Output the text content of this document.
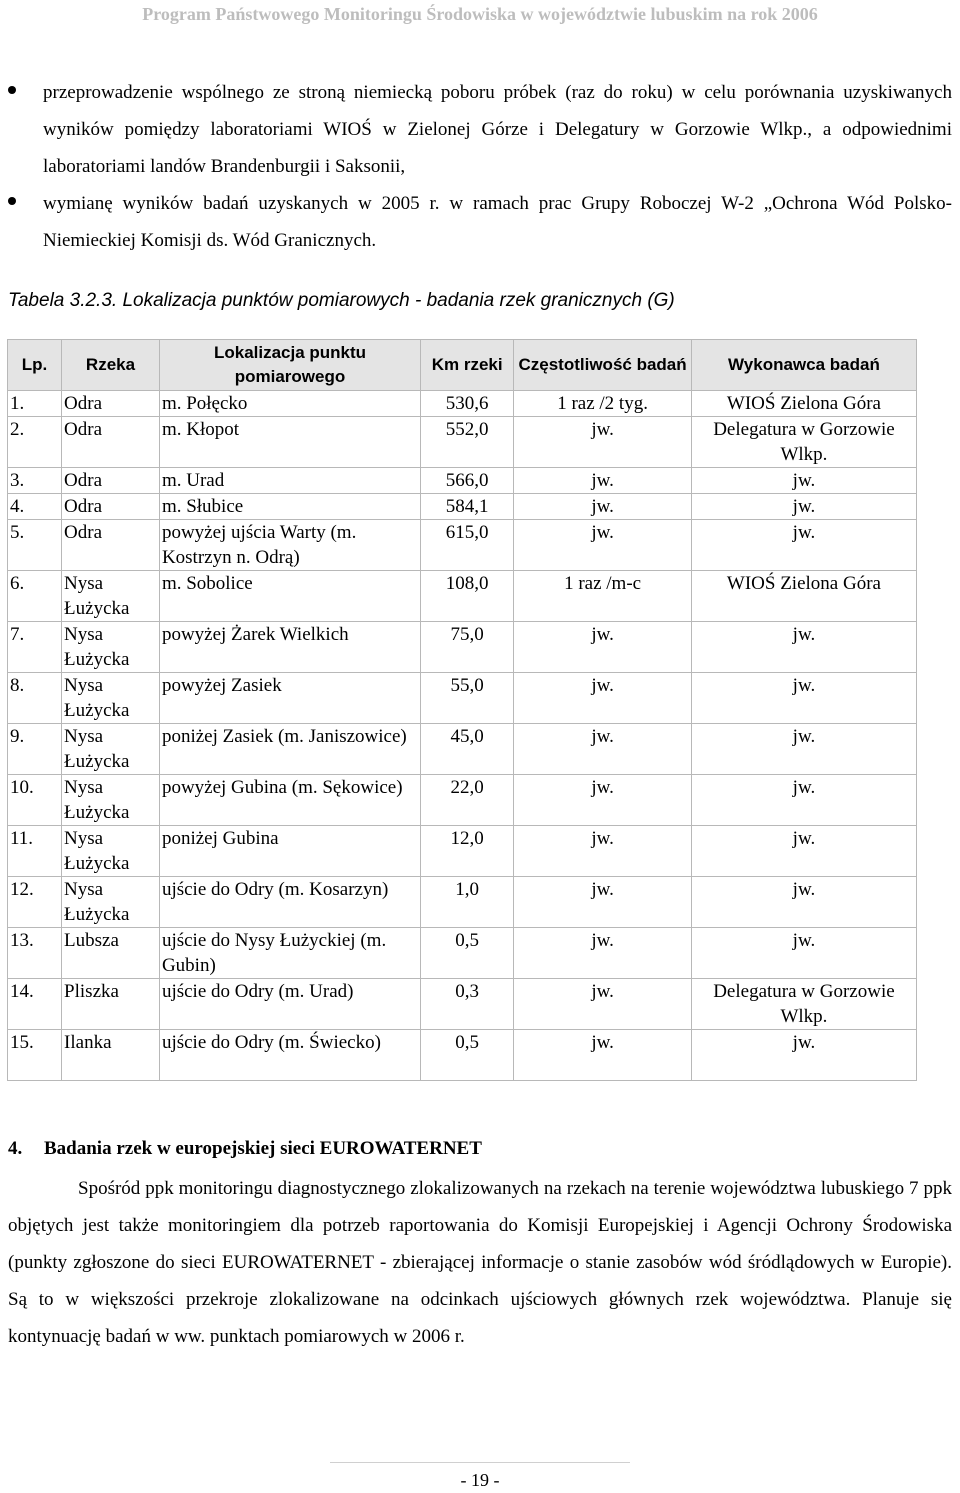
Program Państwowego Monitoringu Środowiska w województwie lubuskim na rok 2006
przeprowadzenie wspólnego ze stroną niemiecką poboru próbek (raz do roku) w celu porównania uzyskiwanych wyników pomiędzy laboratoriami WIOŚ w Zielonej Górze i Delegatury w Gorzowie Wlkp., a odpowiednimi laboratoriami landów Brandenburgii i Saksonii,
wymianę wyników badań uzyskanych w 2005 r. w ramach prac Grupy Roboczej W-2 „Ochrona Wód Polsko-Niemieckiej Komisji ds. Wód Granicznych.
Tabela 3.2.3. Lokalizacja punktów pomiarowych - badania rzek granicznych (G)
Lp.	Rzeka	Lokalizacja punktu pomiarowego	Km rzeki	Częstotliwość badań	Wykonawca badań
1.	Odra	m. Połęcko	530,6	1 raz /2 tyg.	WIOŚ Zielona Góra
2.	Odra	m. Kłopot	552,0	jw.	Delegatura w Gorzowie Wlkp.
3.	Odra	m. Urad	566,0	jw.	jw.
4.	Odra	m. Słubice	584,1	jw.	jw.
5.	Odra	powyżej ujścia Warty (m. Kostrzyn n. Odrą)	615,0	jw.	jw.
6.	Nysa Łużycka	m. Sobolice	108,0	1 raz /m-c	WIOŚ Zielona Góra
7.	Nysa Łużycka	powyżej Żarek Wielkich	75,0	jw.	jw.
8.	Nysa Łużycka	powyżej Zasiek	55,0	jw.	jw.
9.	Nysa Łużycka	poniżej Zasiek (m. Janiszowice)	45,0	jw.	jw.
10.	Nysa Łużycka	powyżej Gubina (m. Sękowice)	22,0	jw.	jw.
11.	Nysa Łużycka	poniżej Gubina	12,0	jw.	jw.
12.	Nysa Łużycka	ujście do Odry (m. Kosarzyn)	1,0	jw.	jw.
13.	Lubsza	ujście do Nysy Łużyckiej (m. Gubin)	0,5	jw.	jw.
14.	Pliszka	ujście do Odry (m. Urad)	0,3	jw.	Delegatura w Gorzowie Wlkp.
15.	Ilanka	ujście do Odry (m. Świecko)	0,5	jw.	jw.
4. Badania rzek w europejskiej sieci EUROWATERNET
Spośród ppk monitoringu diagnostycznego zlokalizowanych na rzekach na terenie województwa lubuskiego 7 ppk objętych jest także monitoringiem dla potrzeb raportowania do Komisji Europejskiej i Agencji Ochrony Środowiska (punkty zgłoszone do sieci EUROWATERNET - zbierającej informacje o stanie zasobów wód śródlądowych w Europie). Są to w większości przekroje zlokalizowane na odcinkach ujściowych głównych rzek województwa. Planuje się kontynuację badań w ww. punktach pomiarowych w 2006 r.
- 19 -
